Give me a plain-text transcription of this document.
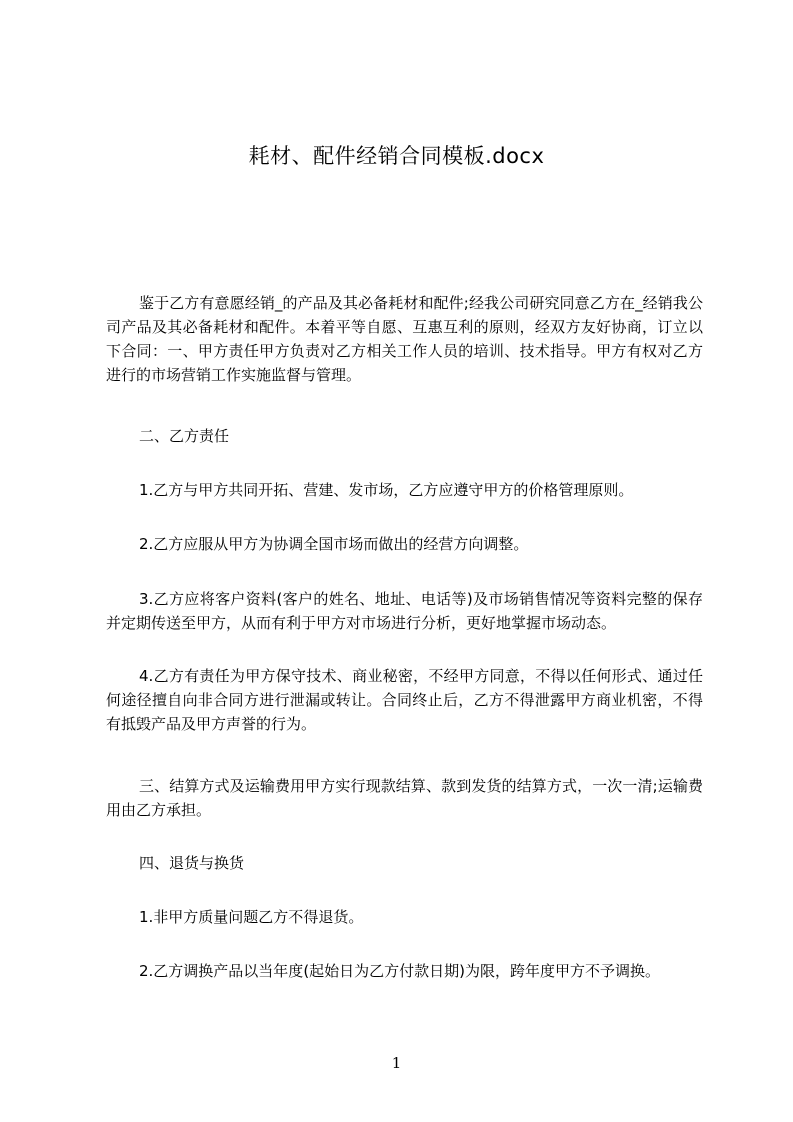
耗材、配件经销合同模板.docx

鉴于乙方有意愿经销_的产品及其必备耗材和配件;经我公司研究同意乙方在_经销我公司产品及其必备耗材和配件。本着平等自愿、互惠互利的原则，经双方友好协商，订立以下合同：一、甲方责任甲方负责对乙方相关工作人员的培训、技术指导。甲方有权对乙方进行的市场营销工作实施监督与管理。

二、乙方责任

1.乙方与甲方共同开拓、营建、发市场，乙方应遵守甲方的价格管理原则。

2.乙方应服从甲方为协调全国市场而做出的经营方向调整。

3.乙方应将客户资料(客户的姓名、地址、电话等)及市场销售情况等资料完整的保存并定期传送至甲方，从而有利于甲方对市场进行分析，更好地掌握市场动态。

4.乙方有责任为甲方保守技术、商业秘密，不经甲方同意，不得以任何形式、通过任何途径擅自向非合同方进行泄漏或转让。合同终止后，乙方不得泄露甲方商业机密，不得有抵毁产品及甲方声誉的行为。

三、结算方式及运输费用甲方实行现款结算、款到发货的结算方式，一次一清;运输费用由乙方承担。

四、退货与换货

1.非甲方质量问题乙方不得退货。

2.乙方调换产品以当年度(起始日为乙方付款日期)为限，跨年度甲方不予调换。

1
